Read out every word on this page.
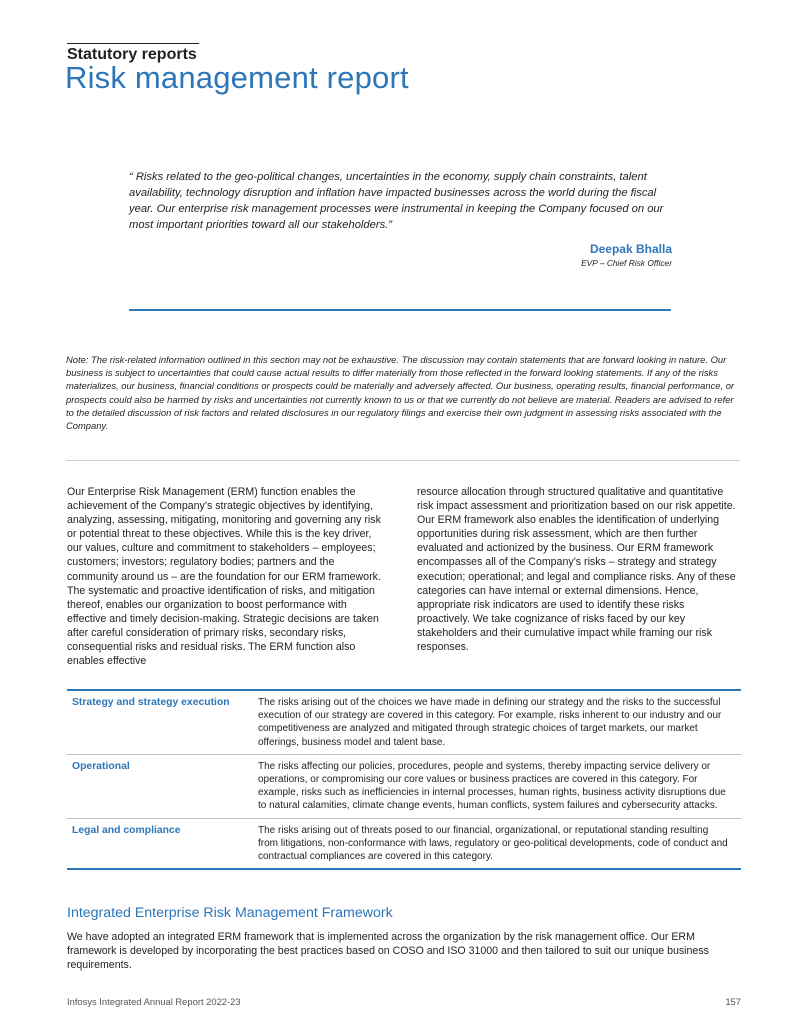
Statutory reports
Risk management report
“ Risks related to the geo-political changes, uncertainties in the economy, supply chain constraints, talent availability, technology disruption and inflation have impacted businesses across the world during the fiscal year. Our enterprise risk management processes were instrumental in keeping the Company focused on our most important priorities toward all our stakeholders.”
Deepak Bhalla
EVP – Chief Risk Officer
Note: The risk-related information outlined in this section may not be exhaustive. The discussion may contain statements that are forward looking in nature. Our business is subject to uncertainties that could cause actual results to differ materially from those reflected in the forward looking statements. If any of the risks materializes, our business, financial conditions or prospects could be materially and adversely affected. Our business, operating results, financial performance, or prospects could also be harmed by risks and uncertainties not currently known to us or that we currently do not believe are material. Readers are advised to refer to the detailed discussion of risk factors and related disclosures in our regulatory filings and exercise their own judgment in assessing risks associated with the Company.
Our Enterprise Risk Management (ERM) function enables the achievement of the Company’s strategic objectives by identifying, analyzing, assessing, mitigating, monitoring and governing any risk or potential threat to these objectives. While this is the key driver, our values, culture and commitment to stakeholders – employees; customers; investors; regulatory bodies; partners and the community around us – are the foundation for our ERM framework. The systematic and proactive identification of risks, and mitigation thereof, enables our organization to boost performance with effective and timely decision-making. Strategic decisions are taken after careful consideration of primary risks, secondary risks, consequential risks and residual risks. The ERM function also enables effective
resource allocation through structured qualitative and quantitative risk impact assessment and prioritization based on our risk appetite. Our ERM framework also enables the identification of underlying opportunities during risk assessment, which are then further evaluated and actionized by the business. Our ERM framework encompasses all of the Company’s risks – strategy and strategy execution; operational; and legal and compliance risks. Any of these categories can have internal or external dimensions. Hence, appropriate risk indicators are used to identify these risks proactively. We take cognizance of risks faced by our key stakeholders and their cumulative impact while framing our risk responses.
Strategy and strategy execution	The risks arising out of the choices we have made in defining our strategy and the risks to the successful execution of our strategy are covered in this category. For example, risks inherent to our industry and our competitiveness are analyzed and mitigated through strategic choices of target markets, our market offerings, business model and talent base.
Operational	The risks affecting our policies, procedures, people and systems, thereby impacting service delivery or operations, or compromising our core values or business practices are covered in this category. For example, risks such as inefficiencies in internal processes, human rights, business activity disruptions due to natural calamities, climate change events, human conflicts, system failures and cybersecurity attacks.
Legal and compliance	The risks arising out of threats posed to our financial, organizational, or reputational standing resulting from litigations, non-conformance with laws, regulatory or geo-political developments, code of conduct and contractual compliances are covered in this category.
Integrated Enterprise Risk Management Framework
We have adopted an integrated ERM framework that is implemented across the organization by the risk management office. Our ERM framework is developed by incorporating the best practices based on COSO and ISO 31000 and then tailored to suit our unique business requirements.
Infosys Integrated Annual Report 2022-23	157
